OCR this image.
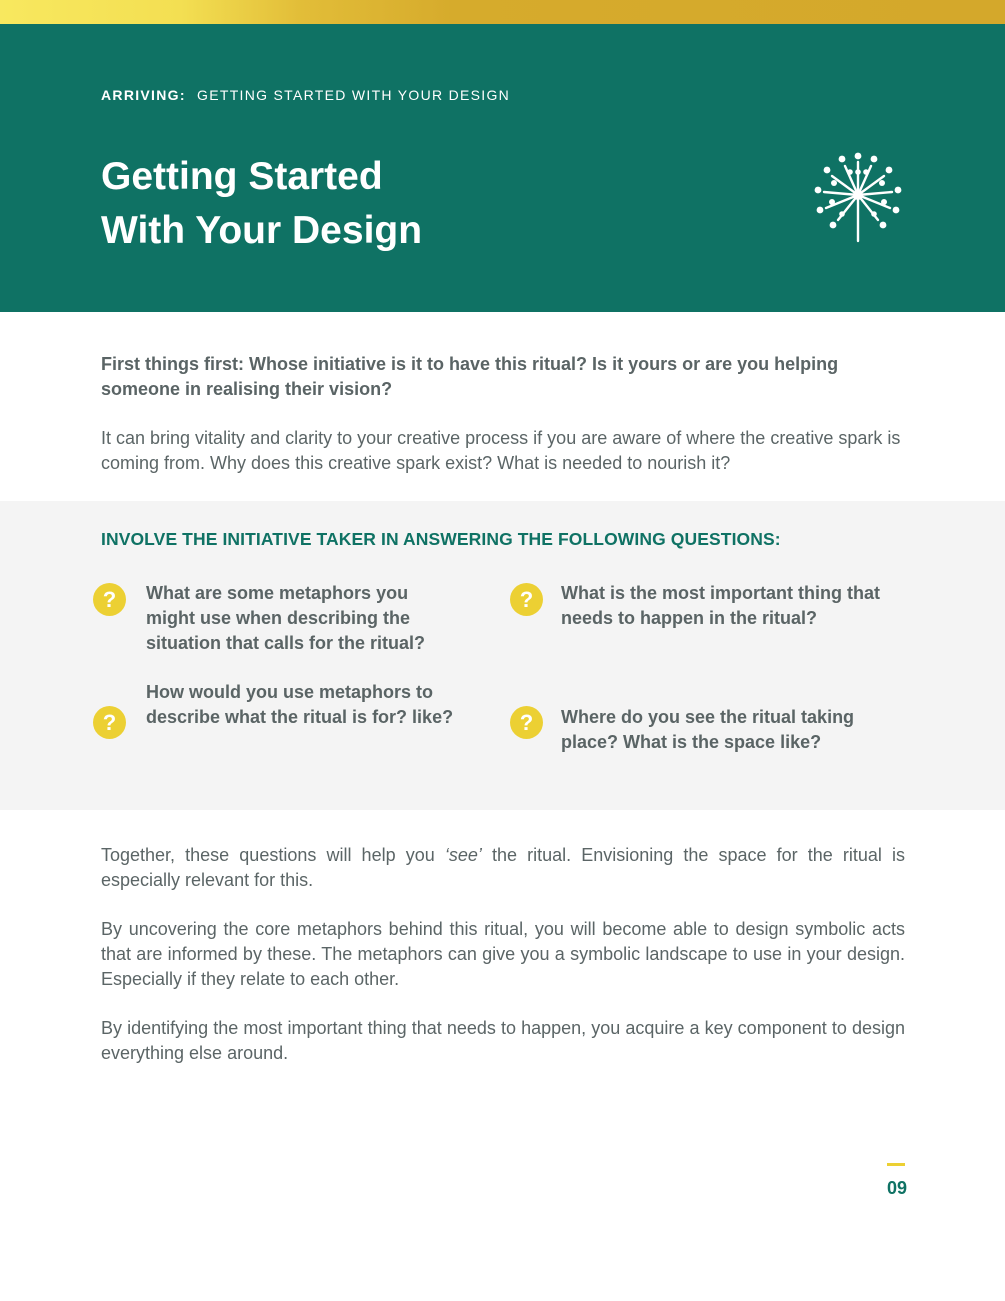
ARRIVING: GETTING STARTED WITH YOUR DESIGN
Getting Started
With Your Design

First things first: Whose initiative is it to have this ritual? Is it yours or are you helping someone in realising their vision?

It can bring vitality and clarity to your creative process if you are aware of where the creative spark is coming from. Why does this creative spark exist? What is needed to nourish it?

INVOLVE THE INITIATIVE TAKER IN ANSWERING THE FOLLOWING QUESTIONS:
?	What are some metaphors you might use when describing the situation that calls for the ritual?
?	What is the most important thing that needs to happen in the ritual?
?
How would you use metaphors to describe what the ritual is for? like?	?	Where do you see the ritual taking place? What is the space like?

Together, these questions will help you ‘see’ the ritual. Envisioning the space for the ritual is especially relevant for this.

By uncovering the core metaphors behind this ritual, you will become able to design symbolic acts that are informed by these. The metaphors can give you a symbolic landscape to use in your design. Especially if they relate to each other.

By identifying the most important thing that needs to happen, you acquire a key component to design everything else around.

09
